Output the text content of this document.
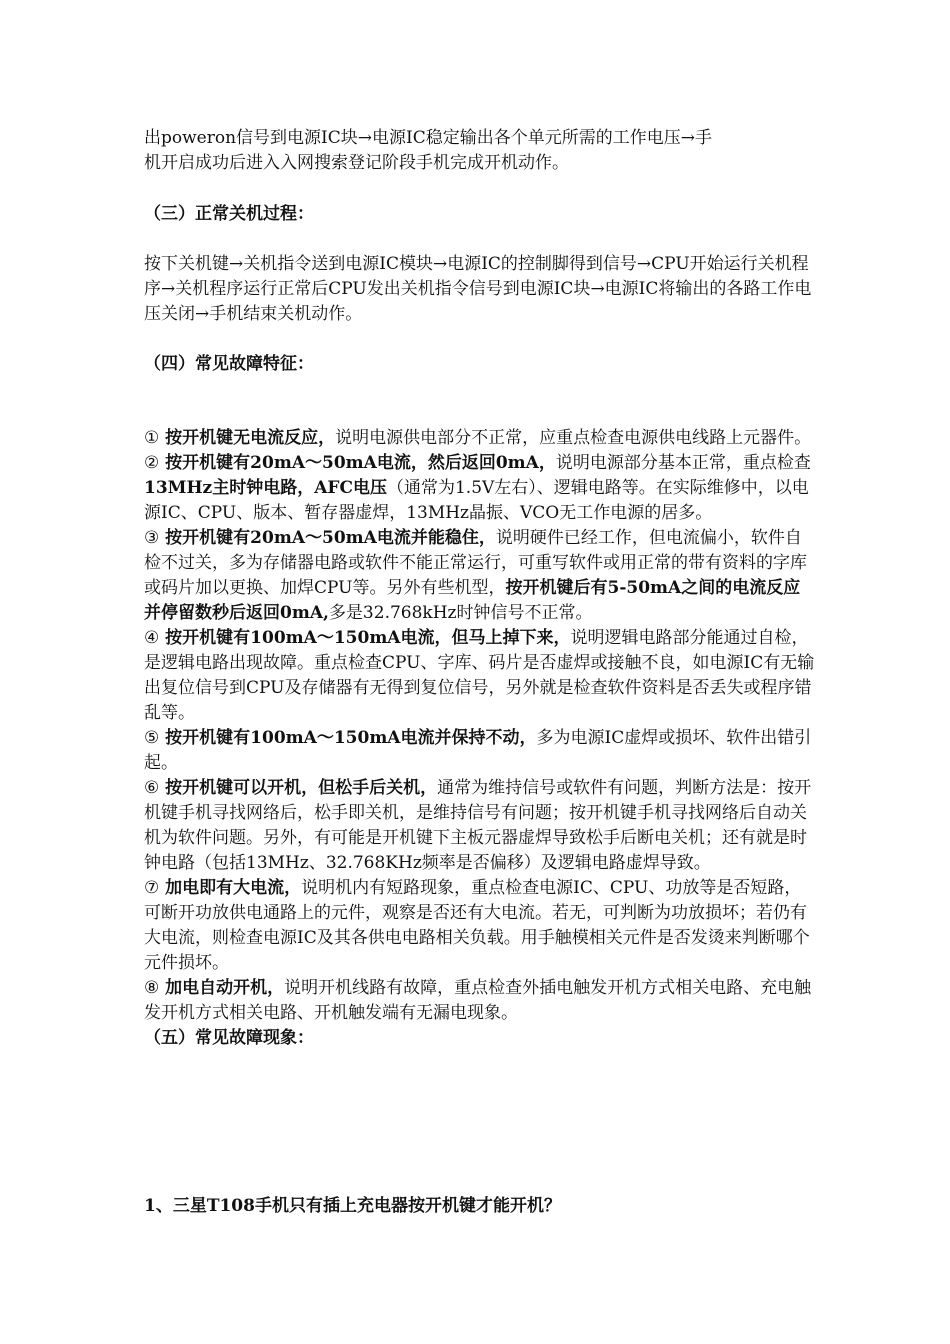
出poweron信号到电源IC块→电源IC稳定输出各个单元所需的工作电压→手

机开启成功后进入入网搜索登记阶段手机完成开机动作。

（三）正常关机过程：

按下关机键→关机指令送到电源IC模块→电源IC的控制脚得到信号→CPU开始运行关机程序→关机程序运行正常后CPU发出关机指令信号到电源IC块→电源IC将输出的各路工作电压关闭→手机结束关机动作。

（四）常见故障特征：

① 按开机键无电流反应，说明电源供电部分不正常，应重点检查电源供电线路上元器件。

② 按开机键有20mA～50mA电流，然后返回0mA，说明电源部分基本正常，重点检查13MHz主时钟电路，AFC电压（通常为1.5V左右）、逻辑电路等。在实际维修中，以电源IC、CPU、版本、暂存器虚焊，13MHz晶振、VCO无工作电源的居多。

③ 按开机键有20mA～50mA电流并能稳住，说明硬件已经工作，但电流偏小，软件自检不过关，多为存储器电路或软件不能正常运行，可重写软件或用正常的带有资料的字库或码片加以更换、加焊CPU等。另外有些机型，按开机键后有5-50mA之间的电流反应并停留数秒后返回0mA,多是32.768kHz时钟信号不正常。

④ 按开机键有100mA～150mA电流，但马上掉下来，说明逻辑电路部分能通过自检，是逻辑电路出现故障。重点检查CPU、字库、码片是否虚焊或接触不良，如电源IC有无输出复位信号到CPU及存储器有无得到复位信号，另外就是检查软件资料是否丢失或程序错乱等。

⑤ 按开机键有100mA～150mA电流并保持不动，多为电源IC虚焊或损坏、软件出错引起。

⑥ 按开机键可以开机，但松手后关机，通常为维持信号或软件有问题，判断方法是：按开机键手机寻找网络后，松手即关机，是维持信号有问题；按开机键手机寻找网络后自动关机为软件问题。另外，有可能是开机键下主板元器虚焊导致松手后断电关机；还有就是时钟电路（包括13MHz、32.768KHz频率是否偏移）及逻辑电路虚焊导致。

⑦ 加电即有大电流，说明机内有短路现象，重点检查电源IC、CPU、功放等是否短路，可断开功放供电通路上的元件，观察是否还有大电流。若无，可判断为功放损坏；若仍有大电流，则检查电源IC及其各供电电路相关负载。用手触模相关元件是否发烫来判断哪个元件损坏。

⑧ 加电自动开机，说明开机线路有故障，重点检查外插电触发开机方式相关电路、充电触发开机方式相关电路、开机触发端有无漏电现象。

（五）常见故障现象：

1、三星T108手机只有插上充电器按开机键才能开机？
